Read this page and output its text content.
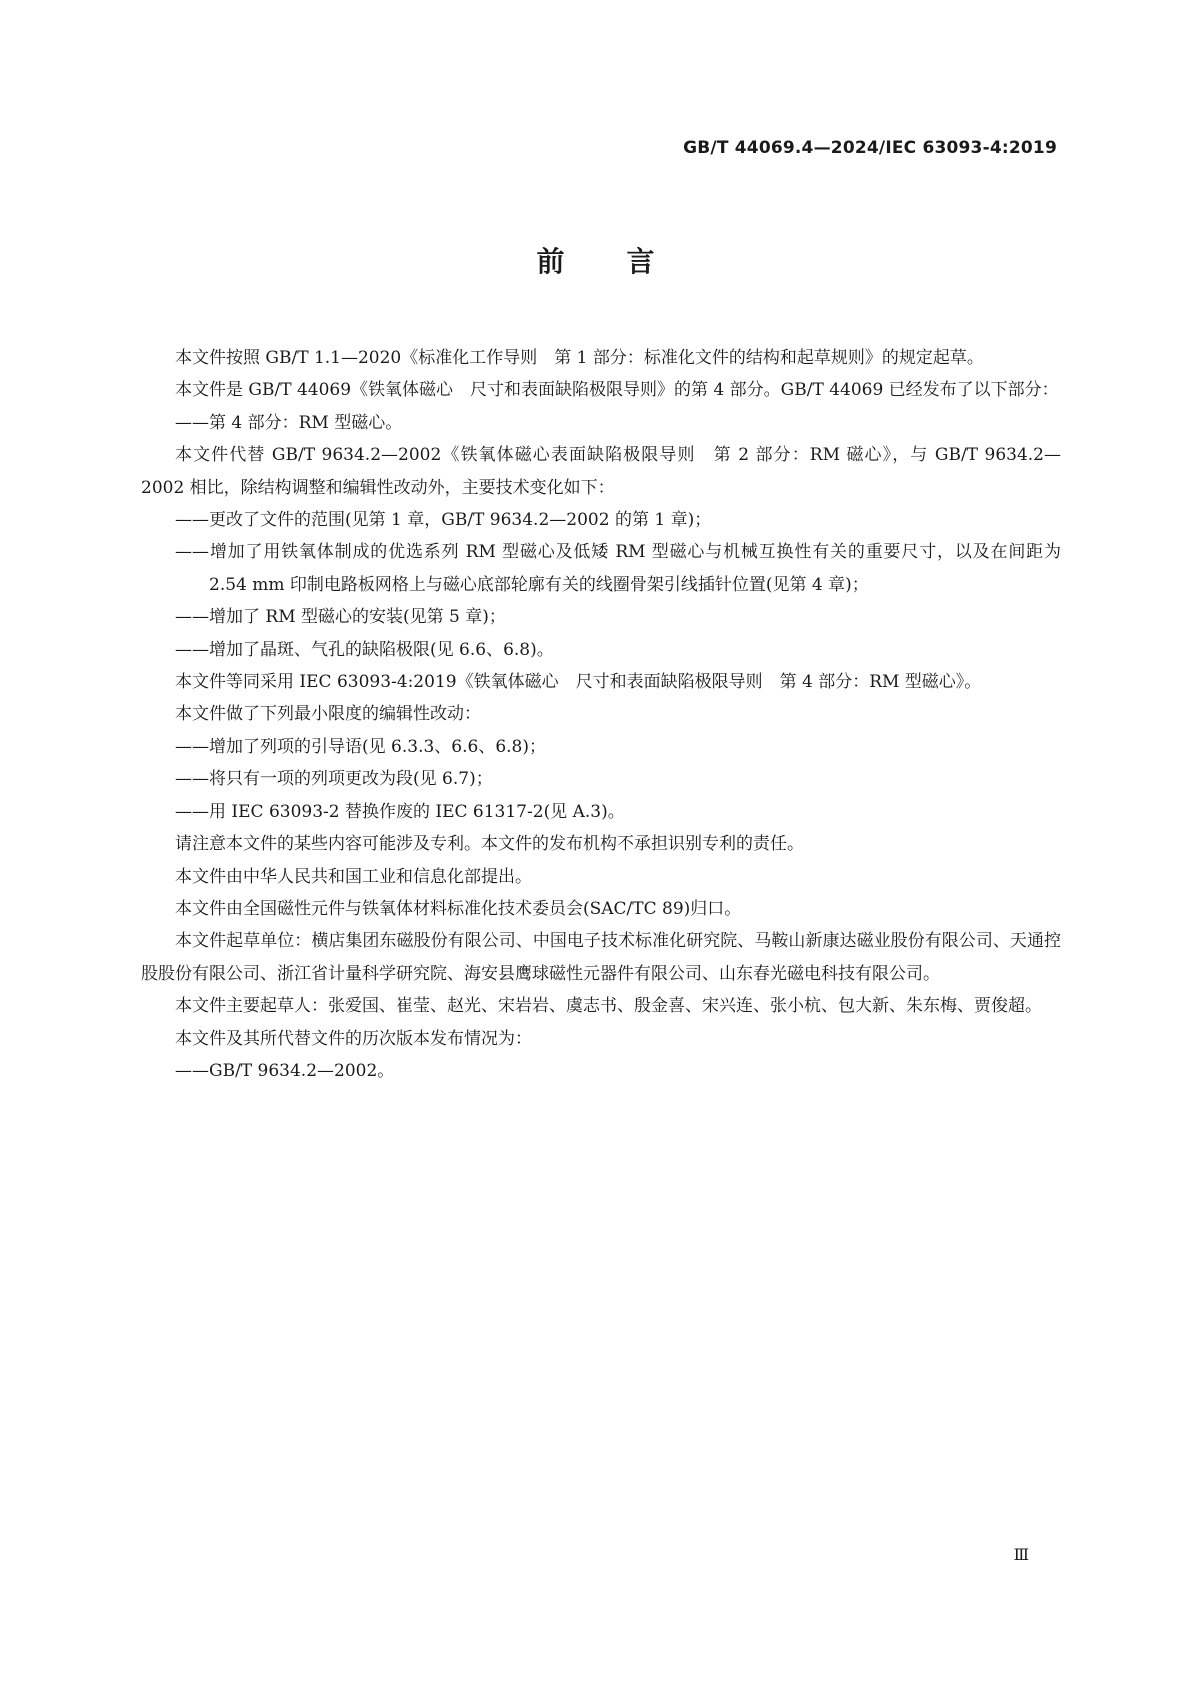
GB/T 44069.4—2024/IEC 63093-4:2019
前言

本文件按照 GB/T 1.1—2020《标准化工作导则　第 1 部分：标准化文件的结构和起草规则》的规定起草。

本文件是 GB/T 44069《铁氧体磁心　尺寸和表面缺陷极限导则》的第 4 部分。GB/T 44069 已经发布了以下部分：

——第 4 部分：RM 型磁心。

本文件代替 GB/T 9634.2—2002《铁氧体磁心表面缺陷极限导则　第 2 部分：RM 磁心》，与 GB/T 9634.2—2002 相比，除结构调整和编辑性改动外，主要技术变化如下：

——更改了文件的范围(见第 1 章，GB/T 9634.2—2002 的第 1 章)；

——增加了用铁氧体制成的优选系列 RM 型磁心及低矮 RM 型磁心与机械互换性有关的重要尺寸，以及在间距为 2.54 mm 印制电路板网格上与磁心底部轮廓有关的线圈骨架引线插针位置(见第 4 章)；

——增加了 RM 型磁心的安装(见第 5 章)；

——增加了晶斑、气孔的缺陷极限(见 6.6、6.8)。

本文件等同采用 IEC 63093-4:2019《铁氧体磁心　尺寸和表面缺陷极限导则　第 4 部分：RM 型磁心》。

本文件做了下列最小限度的编辑性改动：

——增加了列项的引导语(见 6.3.3、6.6、6.8)；

——将只有一项的列项更改为段(见 6.7)；

——用 IEC 63093-2 替换作废的 IEC 61317-2(见 A.3)。

请注意本文件的某些内容可能涉及专利。本文件的发布机构不承担识别专利的责任。

本文件由中华人民共和国工业和信息化部提出。

本文件由全国磁性元件与铁氧体材料标准化技术委员会(SAC/TC 89)归口。

本文件起草单位：横店集团东磁股份有限公司、中国电子技术标准化研究院、马鞍山新康达磁业股份有限公司、天通控股股份有限公司、浙江省计量科学研究院、海安县鹰球磁性元器件有限公司、山东春光磁电科技有限公司。

本文件主要起草人：张爱国、崔莹、赵光、宋岩岩、虞志书、殷金喜、宋兴连、张小杭、包大新、朱东梅、贾俊超。

本文件及其所代替文件的历次版本发布情况为：

——GB/T 9634.2—2002。

Ⅲ
